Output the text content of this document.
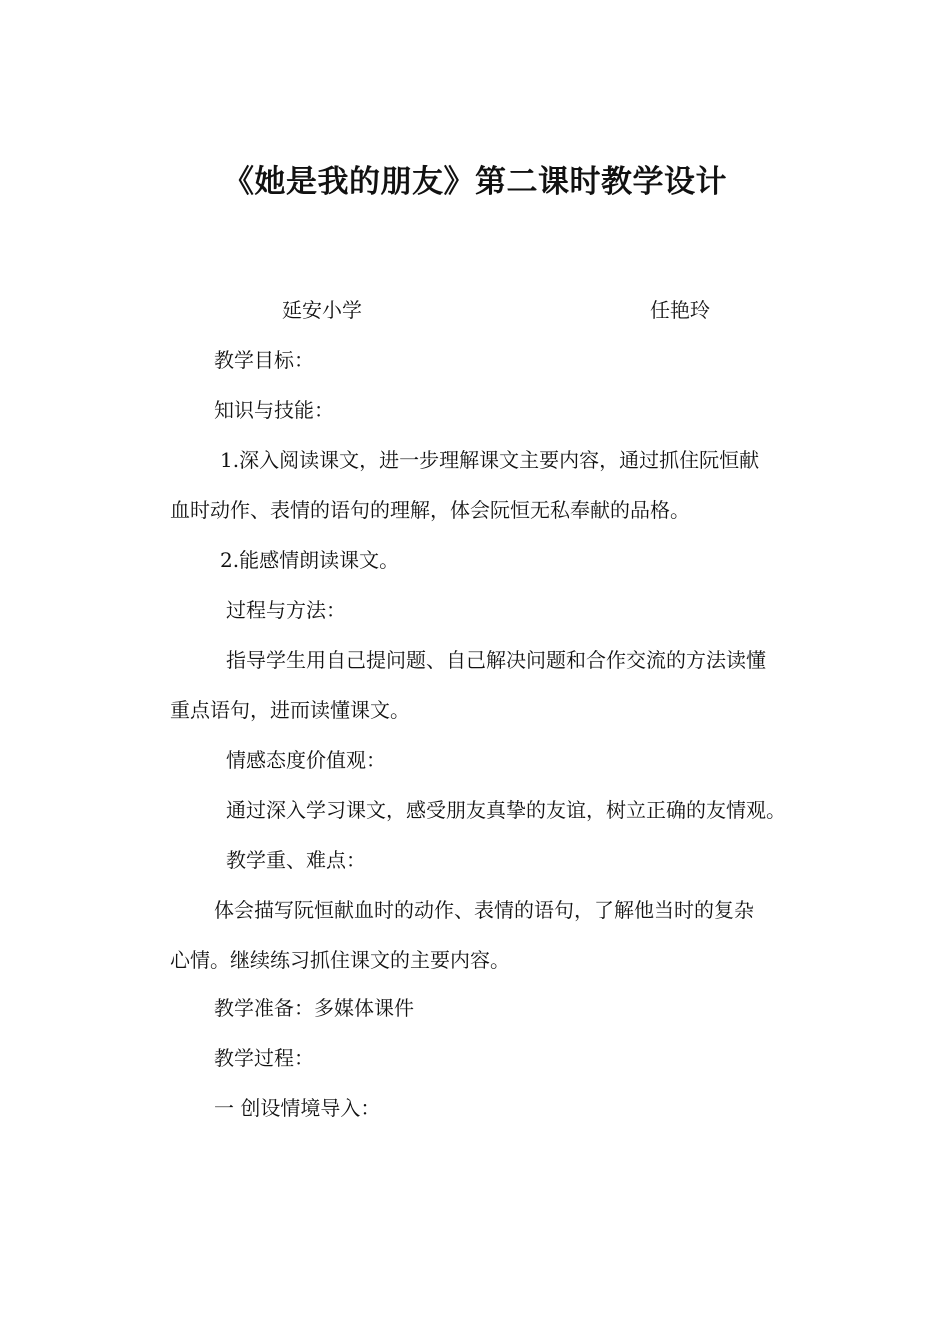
《她是我的朋友》第二课时教学设计
延安小学	任艳玲
教学目标：
知识与技能：
1.深入阅读课文，进一步理解课文主要内容，通过抓住阮恒献
血时动作、表情的语句的理解，体会阮恒无私奉献的品格。
2.能感情朗读课文。
过程与方法：
指导学生用自己提问题、自己解决问题和合作交流的方法读懂
重点语句，进而读懂课文。
情感态度价值观：
通过深入学习课文，感受朋友真挚的友谊，树立正确的友情观。
教学重、难点：
体会描写阮恒献血时的动作、表情的语句，了解他当时的复杂
心情。继续练习抓住课文的主要内容。
教学准备：多媒体课件
教学过程：
一 创设情境导入：
